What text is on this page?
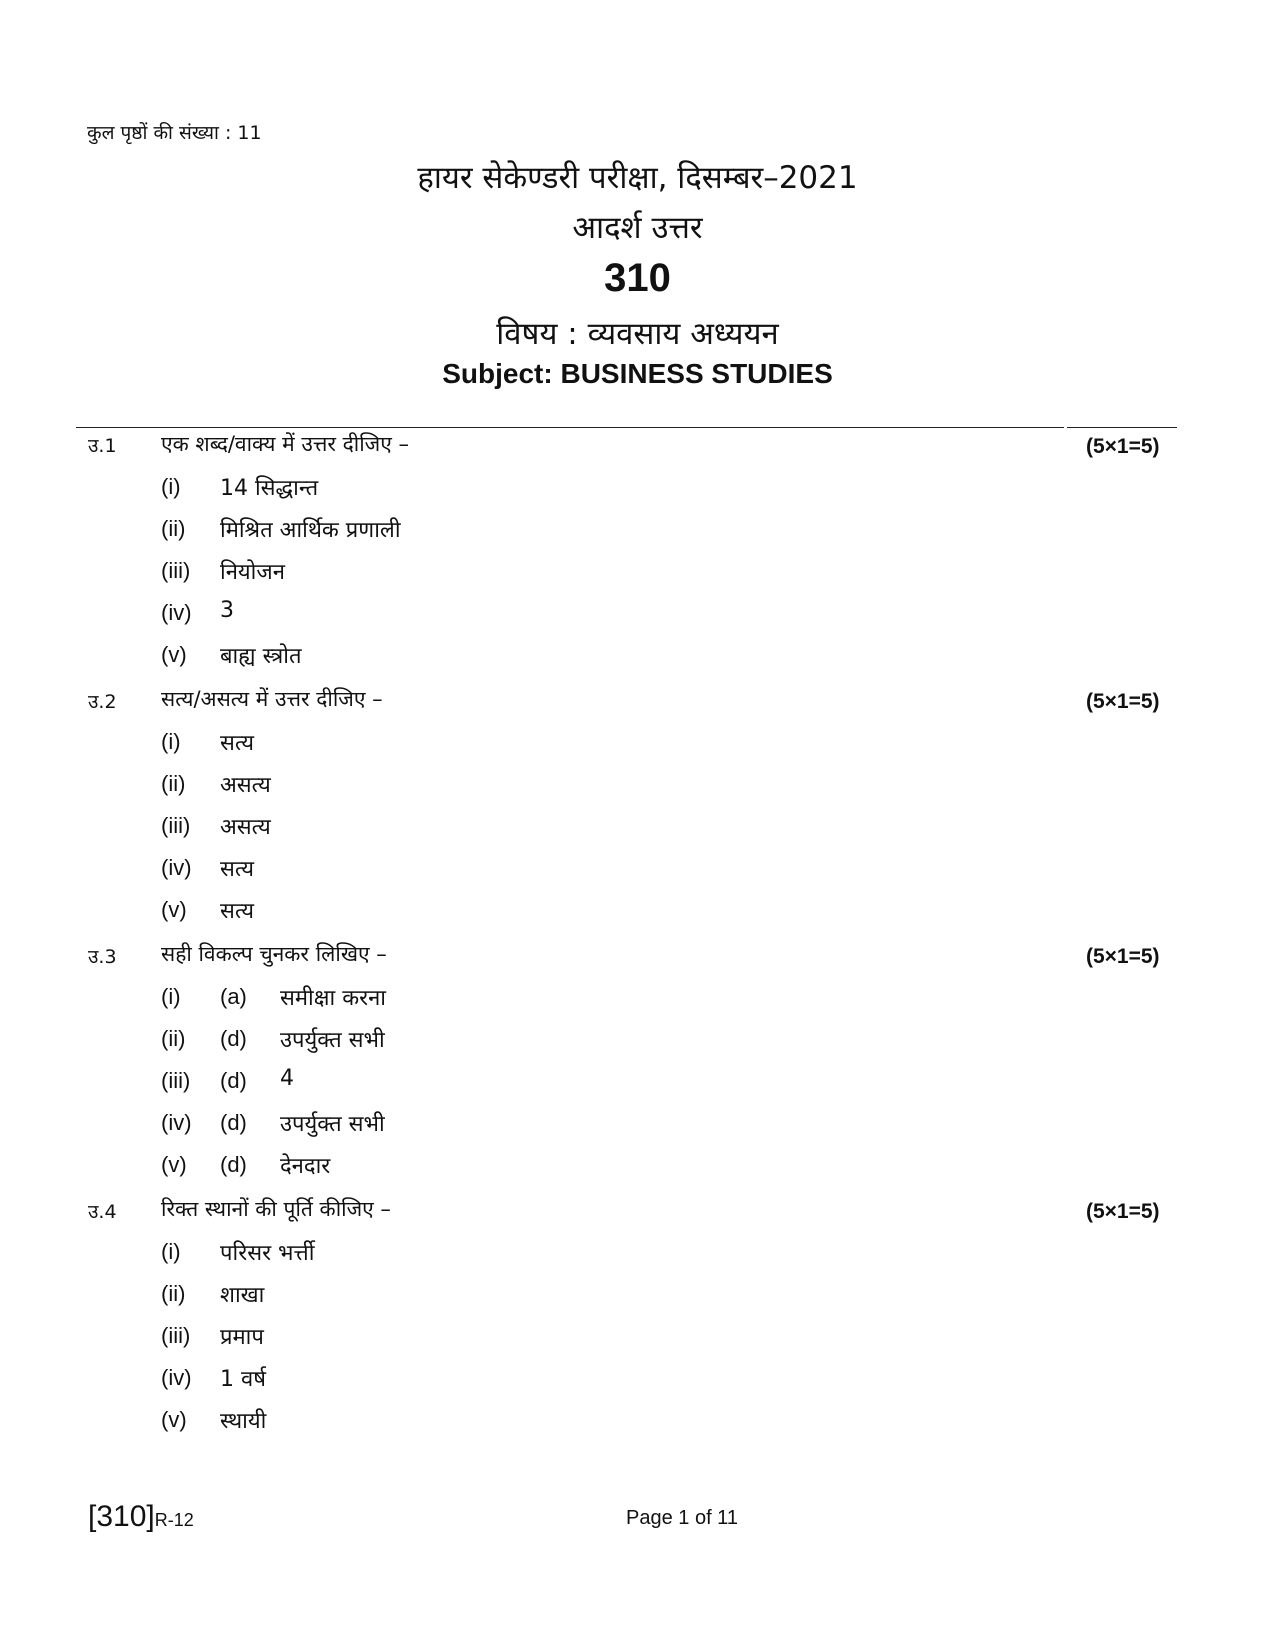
कुल पृष्ठों की संख्या : 11
हायर सेकेण्डरी परीक्षा, दिसम्बर–2021
आदर्श उत्तर
310
विषय : व्यवसाय अध्ययन
Subject: BUSINESS STUDIES
उ.1 एक शब्द/वाक्य में उत्तर दीजिए –	(5×1=5)
(i) 14 सिद्धान्त
(ii) मिश्रित आर्थिक प्रणाली
(iii) नियोजन
(iv) 3
(v) बाह्य स्त्रोत
उ.2 सत्य/असत्य में उत्तर दीजिए –	(5×1=5)
(i) सत्य
(ii) असत्य
(iii) असत्य
(iv) सत्य
(v) सत्य
उ.3 सही विकल्प चुनकर लिखिए –	(5×1=5)
(i) (a) समीक्षा करना
(ii) (d) उपर्युक्त सभी
(iii) (d) 4
(iv) (d) उपर्युक्त सभी
(v) (d) देनदार
उ.4 रिक्त स्थानों की पूर्ति कीजिए –	(5×1=5)
(i) परिसर भर्त्ती
(ii) शाखा
(iii) प्रमाप
(iv) 1 वर्ष
(v) स्थायी
[310]R-12	Page 1 of 11
